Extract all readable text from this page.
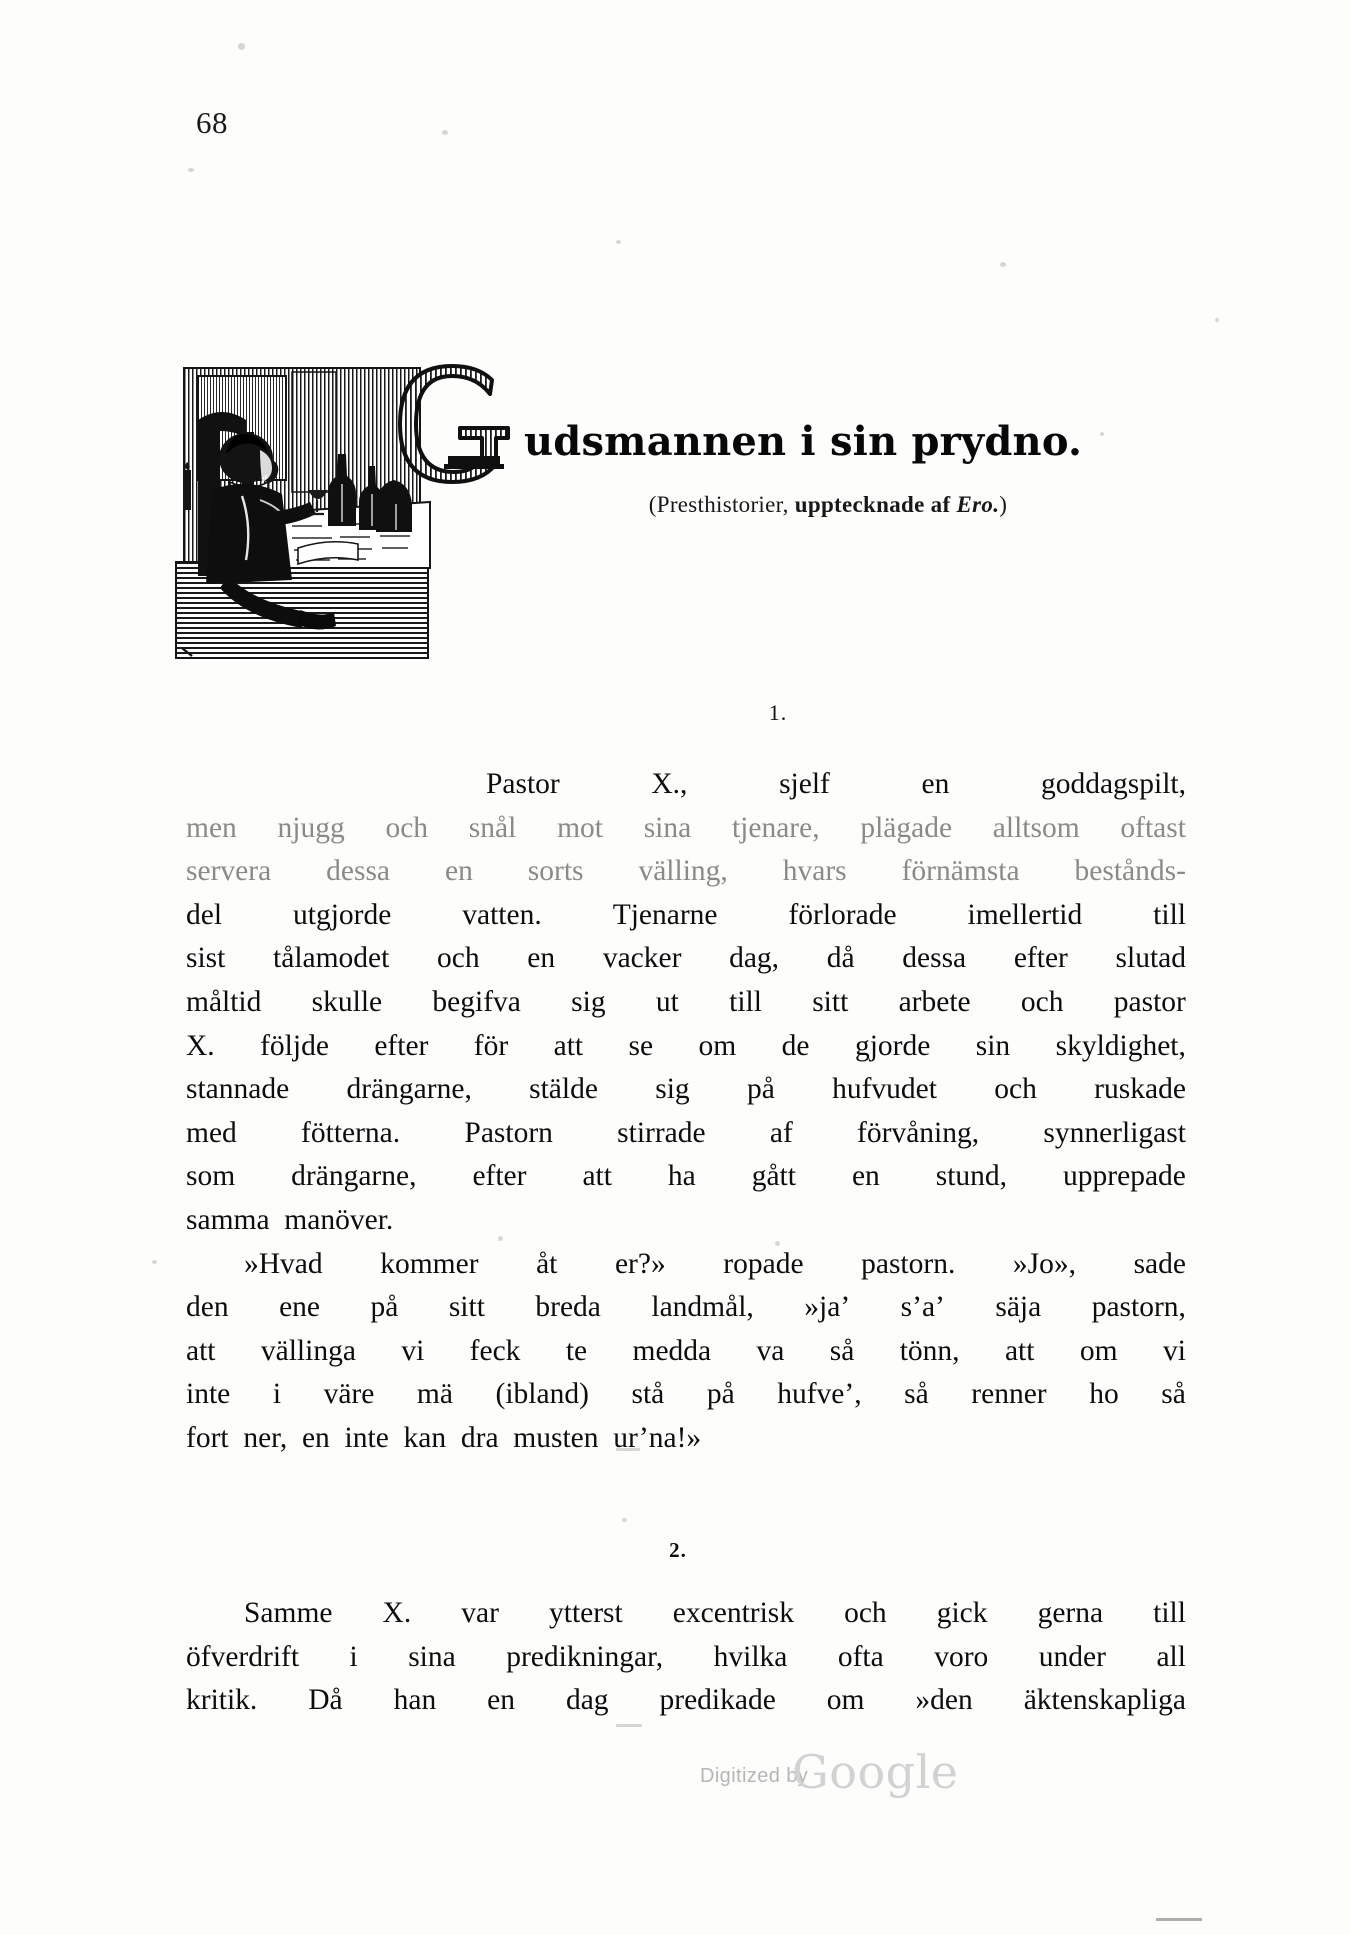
68
udsmannen i sin prydno.
(Presthistorier, upptecknade af Ero.)
1.
Pastor	X.,	sjelf	en	goddagspilt,
men njugg och snål mot sina tjenare, plägade alltsom oftast
servera dessa en sorts välling, hvars förnämsta bestånds-
del utgjorde vatten. Tjenarne förlorade imellertid till
sist tålamodet och en vacker dag, då dessa efter slutad
måltid skulle begifva sig ut till sitt arbete och pastor
X. följde efter för att se om de gjorde sin skyldighet,
stannade drängarne, stälde sig på hufvudet och ruskade
med fötterna. Pastorn stirrade af förvåning, synnerligast
som drängarne, efter att ha gått en stund, upprepade
samma manöver.
»Hvad kommer åt er?» ropade pastorn. »Jo», sade
den ene på sitt breda landmål, »ja’ s’a’ säja pastorn,
att vällinga vi feck te medda va så tönn, att om vi
inte i väre mä (ibland) stå på hufve’, så renner ho så
fort ner, en inte kan dra musten ur’na!»
2.
Samme X. var ytterst excentrisk och gick gerna till
öfverdrift i sina predikningar, hvilka ofta voro under all
kritik. Då han en dag predikade om »den äktenskapliga
Digitized by
Google
